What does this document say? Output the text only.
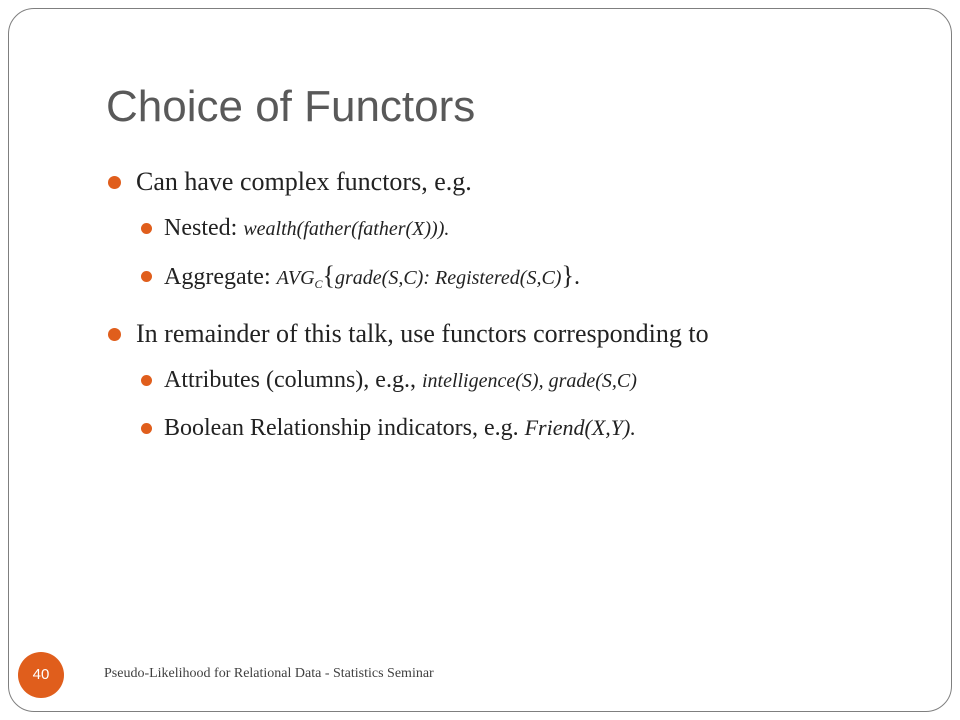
Choice of Functors
Can have complex functors, e.g.
Nested: wealth(father(father(X))).
Aggregate: $AVG_C\{grade(S,C)$: Registered(S,C)}.
In remainder of this talk, use functors corresponding to
Attributes (columns), e.g., intelligence(S), grade(S,C)
Boolean Relationship indicators, e.g. Friend(X,Y).
40	Pseudo-Likelihood for Relational Data - Statistics Seminar
